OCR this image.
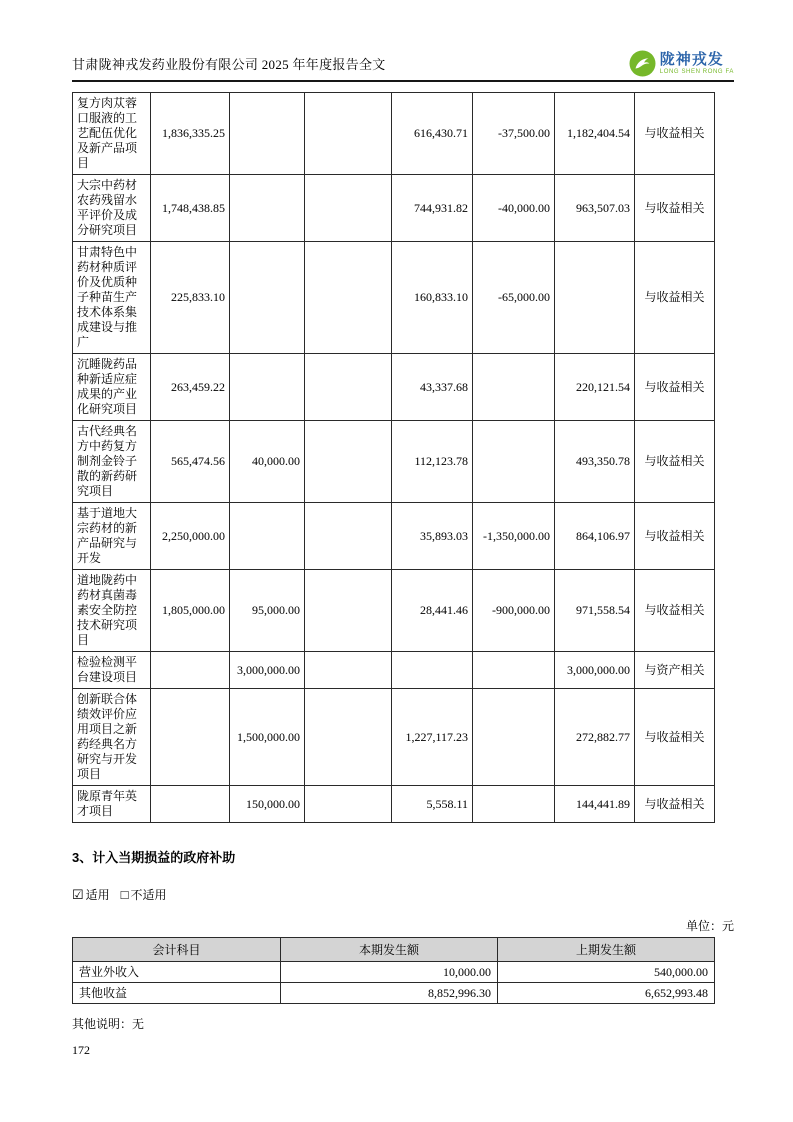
甘肃陇神戎发药业股份有限公司 2025 年年度报告全文	陇神戎发
LONG SHEN RONG FA
复方肉苁蓉口服液的工艺配伍优化及新产品项目	1,836,335.25			616,430.71	-37,500.00	1,182,404.54	与收益相关
大宗中药材农药残留水平评价及成分研究项目	1,748,438.85			744,931.82	-40,000.00	963,507.03	与收益相关
甘肃特色中药材种质评价及优质种子种苗生产技术体系集成建设与推广	225,833.10			160,833.10	-65,000.00		与收益相关
沉睡陇药品种新适应症成果的产业化研究项目	263,459.22			43,337.68		220,121.54	与收益相关
古代经典名方中药复方制剂金铃子散的新药研究项目	565,474.56	40,000.00		112,123.78		493,350.78	与收益相关
基于道地大宗药材的新产品研究与开发	2,250,000.00			35,893.03	-1,350,000.00	864,106.97	与收益相关
道地陇药中药材真菌毒素安全防控技术研究项目	1,805,000.00	95,000.00		28,441.46	-900,000.00	971,558.54	与收益相关
检验检测平台建设项目		3,000,000.00				3,000,000.00	与资产相关
创新联合体绩效评价应用项目之新药经典名方研究与开发项目		1,500,000.00		1,227,117.23		272,882.77	与收益相关
陇原青年英才项目		150,000.00		5,558.11		144,441.89	与收益相关
3、计入当期损益的政府补助
☑ 适用 □ 不适用
单位：元
会计科目	本期发生额	上期发生额
营业外收入	10,000.00	540,000.00
其他收益	8,852,996.30	6,652,993.48
其他说明：无
172
